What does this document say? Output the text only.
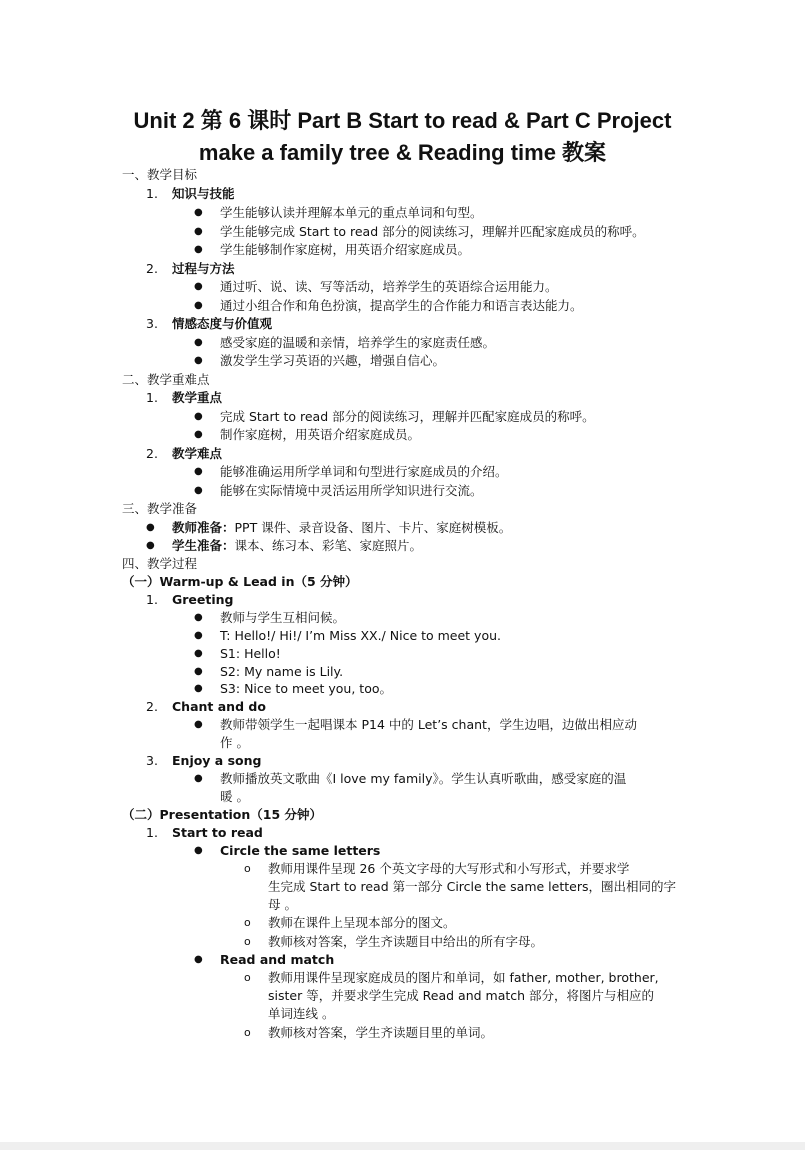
Unit 2 第 6 课时 Part B Start to read & Part C Project
make a family tree & Reading time 教案
一、教学目标
1. 知识与技能
● 学生能够认读并理解本单元的重点单词和句型。
● 学生能够完成 Start to read 部分的阅读练习，理解并匹配家庭成员的称呼。
● 学生能够制作家庭树，用英语介绍家庭成员。
2. 过程与方法
● 通过听、说、读、写等活动，培养学生的英语综合运用能力。
● 通过小组合作和角色扮演，提高学生的合作能力和语言表达能力。
3. 情感态度与价值观
● 感受家庭的温暖和亲情，培养学生的家庭责任感。
● 激发学生学习英语的兴趣，增强自信心。
二、教学重难点
1. 教学重点
● 完成 Start to read 部分的阅读练习，理解并匹配家庭成员的称呼。
● 制作家庭树，用英语介绍家庭成员。
2. 教学难点
● 能够准确运用所学单词和句型进行家庭成员的介绍。
● 能够在实际情境中灵活运用所学知识进行交流。
三、教学准备
● 教师准备：PPT 课件、录音设备、图片、卡片、家庭树模板。
● 学生准备：课本、练习本、彩笔、家庭照片。
四、教学过程
（一）Warm-up & Lead in（5 分钟）
1. Greeting
● 教师与学生互相问候。
● T: Hello!/ Hi!/ I’m Miss XX./ Nice to meet you.
● S1: Hello!
● S2: My name is Lily.
● S3: Nice to meet you, too。
2. Chant and do
● 教师带领学生一起唱课本 P14 中的 Let’s chant，学生边唱，边做出相应动
作 。
3. Enjoy a song
● 教师播放英文歌曲《I love my family》。学生认真听歌曲，感受家庭的温
暖 。
（二）Presentation（15 分钟）
1. Start to read
● Circle the same letters
o 教师用课件呈现 26 个英文字母的大写形式和小写形式，并要求学
生完成 Start to read 第一部分 Circle the same letters，圈出相同的字
母 。
o 教师在课件上呈现本部分的图文。
o 教师核对答案，学生齐读题目中给出的所有字母。
● Read and match
o 教师用课件呈现家庭成员的图片和单词，如 father, mother, brother,
sister 等，并要求学生完成 Read and match 部分，将图片与相应的
单词连线 。
o 教师核对答案，学生齐读题目里的单词。
